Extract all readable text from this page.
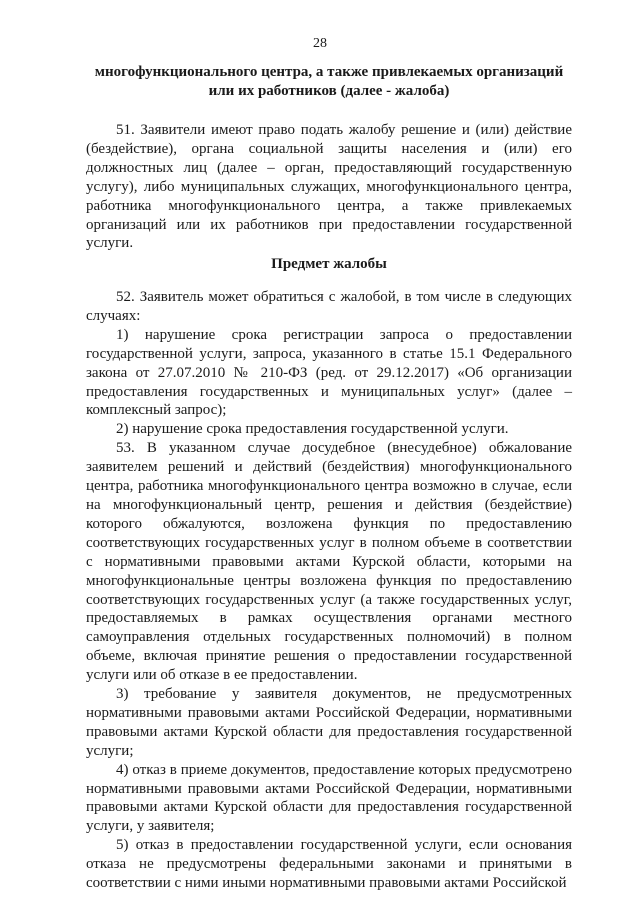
28
многофункционального центра, а также привлекаемых организаций
или их работников (далее - жалоба)

51. Заявители имеют право подать жалобу решение и (или) действие (бездействие), органа социальной защиты населения и (или) его должностных лиц (далее – орган, предоставляющий государственную услугу), либо муниципальных служащих, многофункционального центра, работника многофункционального центра, а также привлекаемых организаций или их работников при предоставлении государственной услуги.

Предмет жалобы

52. Заявитель может обратиться с жалобой, в том числе в следующих случаях:

1) нарушение срока регистрации запроса о предоставлении государственной услуги, запроса, указанного в статье 15.1 Федерального закона от 27.07.2010 № 210-ФЗ (ред. от 29.12.2017) «Об организации предоставления государственных и муниципальных услуг» (далее – комплексный запрос);

2) нарушение срока предоставления государственной услуги.

53. В указанном случае досудебное (внесудебное) обжалование заявителем решений и действий (бездействия) многофункционального центра, работника многофункционального центра возможно в случае, если на многофункциональный центр, решения и действия (бездействие) которого обжалуются, возложена функция по предоставлению соответствующих государственных услуг в полном объеме в соответствии с нормативными правовыми актами Курской области, которыми на многофункциональные центры возложена функция по предоставлению соответствующих государственных услуг (а также государственных услуг, предоставляемых в рамках осуществления органами местного самоуправления отдельных государственных полномочий) в полном объеме, включая принятие решения о предоставлении государственной услуги или об отказе в ее предоставлении.

3) требование у заявителя документов, не предусмотренных нормативными правовыми актами Российской Федерации, нормативными правовыми актами Курской области для предоставления государственной услуги;

4) отказ в приеме документов, предоставление которых предусмотрено нормативными правовыми актами Российской Федерации, нормативными правовыми актами Курской области для предоставления государственной услуги, у заявителя;

5) отказ в предоставлении государственной услуги, если основания отказа не предусмотрены федеральными законами и принятыми в соответствии с ними иными нормативными правовыми актами Российской
